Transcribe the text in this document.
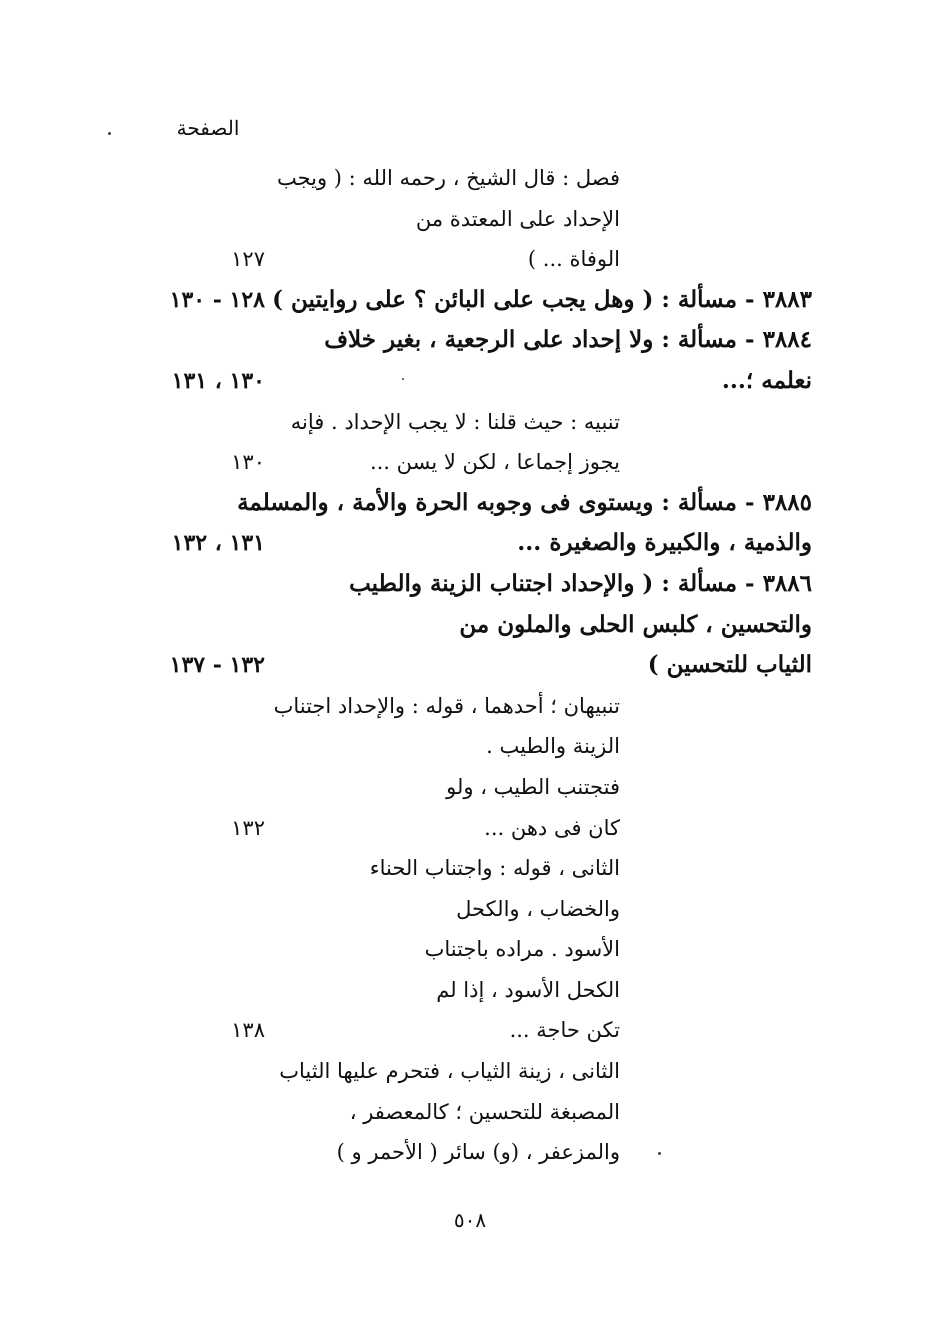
الصفحة
فصل : قال الشيخ ، رحمه الله : ( ويجب
الإحداد على المعتدة من
الوفاة ... )
١٢٧
٣٨٨٣ - مسألة : ( وهل يجب على البائن ؟ على روايتين )
١٢٨ - ١٣٠
٣٨٨٤ - مسألة : ولا إحداد على الرجعية ، بغير خلاف
نعلمه ؛...
١٣٠ ، ١٣١
تنبيه : حيث قلنا : لا يجب الإحداد . فإنه
يجوز إجماعا ، لكن لا يسن ...
١٣٠
٣٨٨٥ - مسألة : ويستوى فى وجوبه الحرة والأمة ، والمسلمة
والذمية ، والكبيرة والصغيرة ...
١٣١ ، ١٣٢
٣٨٨٦ - مسألة : ( والإحداد اجتناب الزينة والطيب
والتحسين ، كلبس الحلى والملون من
الثياب للتحسين )
١٣٢ - ١٣٧
تنبيهان ؛ أحدهما ، قوله : والإحداد اجتناب
الزينة والطيب .
فتجتنب الطيب ، ولو
كان فى دهن ...
١٣٢
الثانى ، قوله : واجتناب الحناء
والخضاب ، والكحل
الأسود . مراده باجتناب
الكحل الأسود ، إذا لم
تكن حاجة ...
١٣٨
الثانى ، زينة الثياب ، فتحرم عليها الثياب
المصبغة للتحسين ؛ كالمعصفر ،
والمزعفر ، (و) سائر ( الأحمر و )
٥٠٨
